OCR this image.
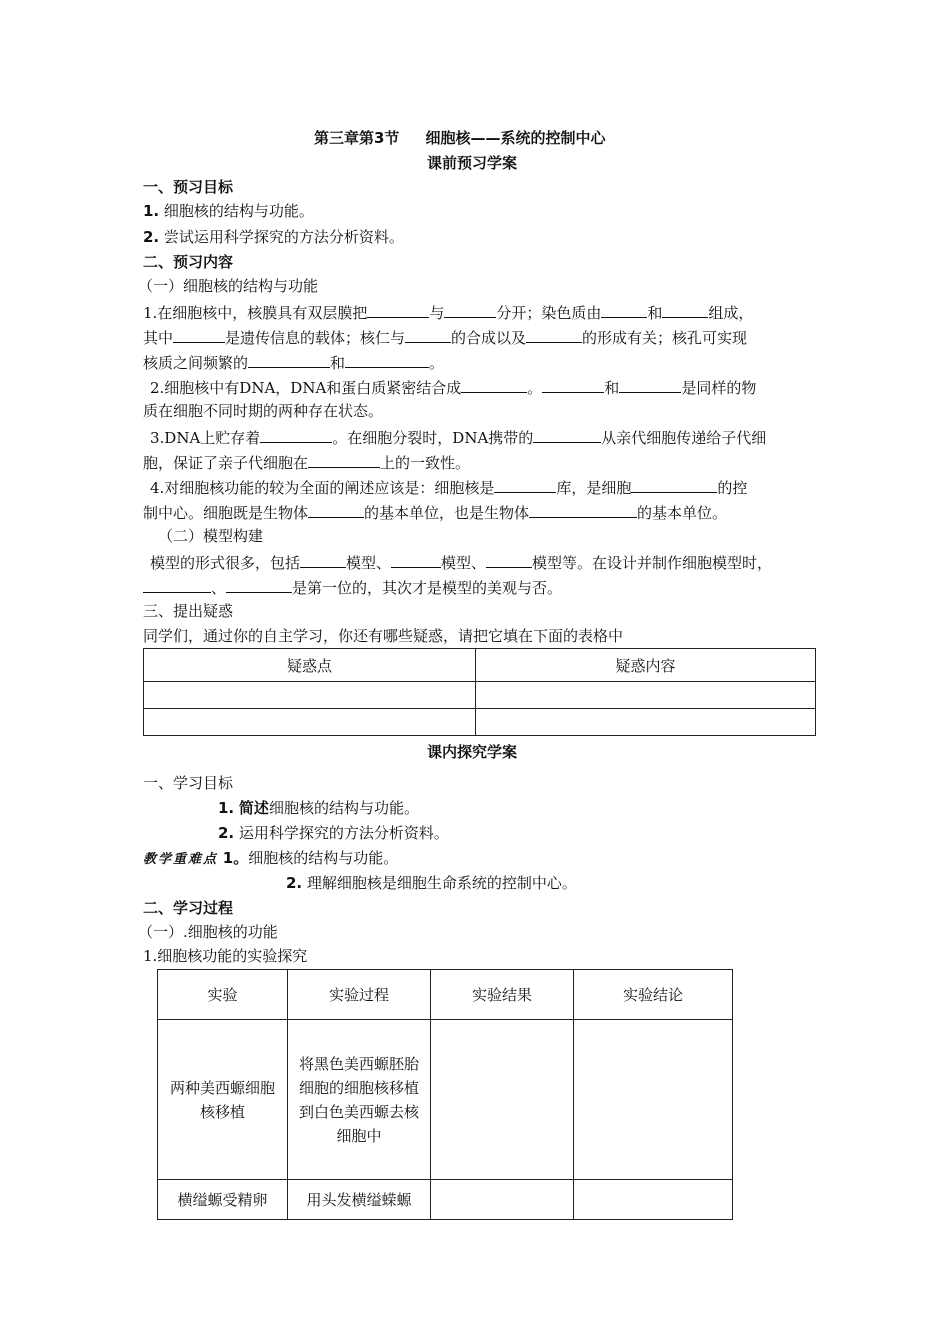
第三章第3节 细胞核——系统的控制中心
课前预习学案
一、预习目标
1. 细胞核的结构与功能。
2. 尝试运用科学探究的方法分析资料。
二、预习内容
（一）细胞核的结构与功能
1.在细胞核中，核膜具有双层膜把	与	分开；染色质由	和	组成，
其中	是遗传信息的载体；核仁与	的合成以及	的形成有关；核孔可实现
核质之间频繁的	和	。
2.细胞核中有DNA，DNA和蛋白质紧密结合成	。	和	是同样的物
质在细胞不同时期的两种存在状态。
3.DNA上贮存着	。在细胞分裂时，DNA携带的	从亲代细胞传递给子代细
胞，保证了亲子代细胞在	上的一致性。
4.对细胞核功能的较为全面的阐述应该是：细胞核是	库，是细胞	的控
制中心。细胞既是生物体	的基本单位，也是生物体	的基本单位。
（二）模型构建
模型的形式很多，包括	模型、	模型、	模型等。在设计并制作细胞模型时，
、	是第一位的，其次才是模型的美观与否。
三、提出疑惑
同学们，通过你的自主学习，你还有哪些疑惑，请把它填在下面的表格中
疑惑点	疑惑内容

课内探究学案
一、学习目标
1. 简述细胞核的结构与功能。
2. 运用科学探究的方法分析资料。
教学重难点 1。细胞核的结构与功能。
2. 理解细胞核是细胞生命系统的控制中心。
二、学习过程
（一）.细胞核的功能
1.细胞核功能的实验探究
实验	实验过程	实验结果	实验结论
两种美西螈细胞核移植	将黑色美西螈胚胎细胞的细胞核移植到白色美西螈去核细胞中		
横缢螈受精卵	用头发横缢蝾螈		
